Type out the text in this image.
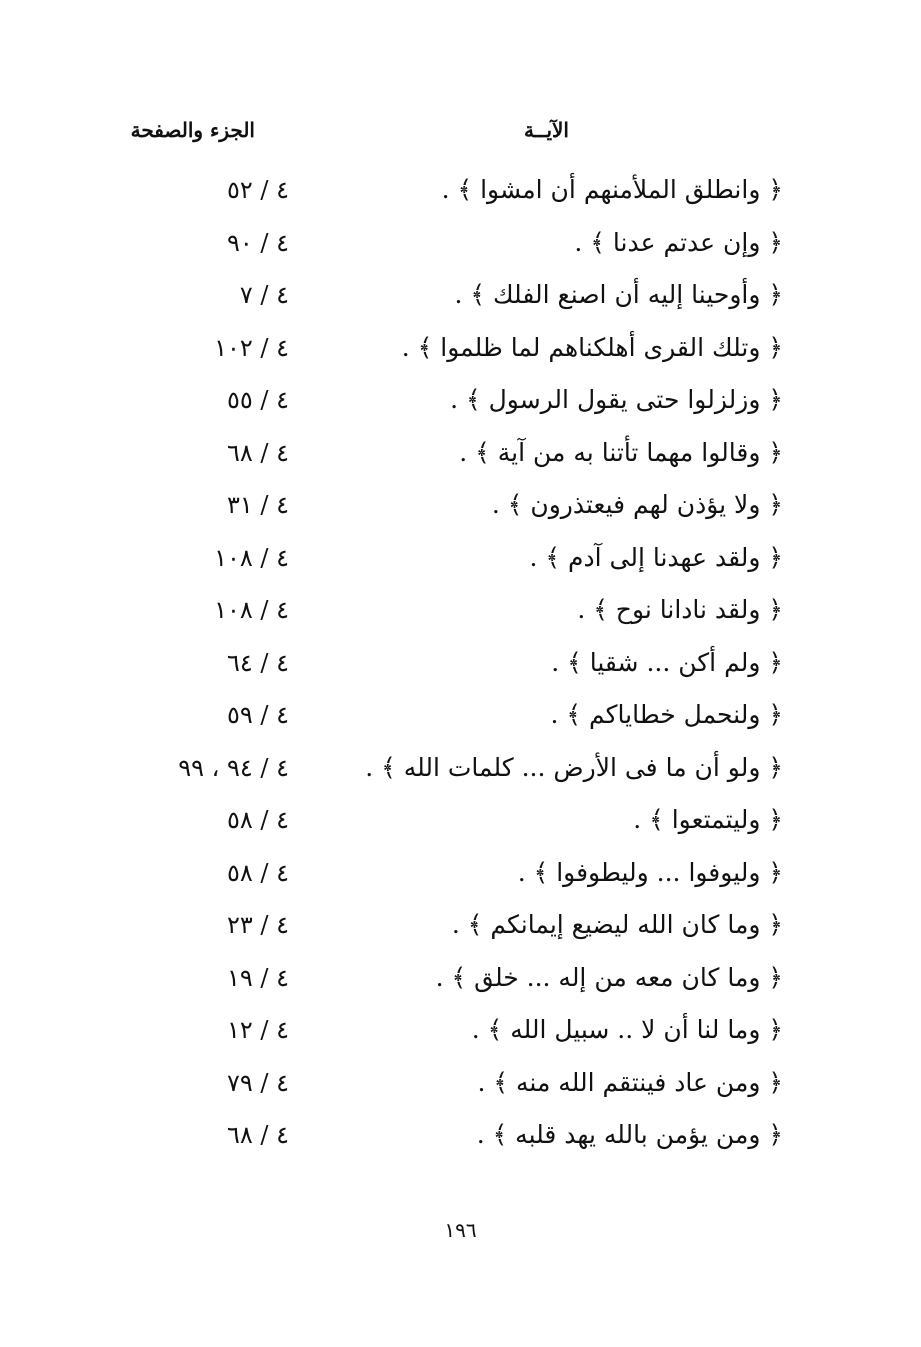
الآيــة
الجزء والصفحة
﴿ وانطلق الملأمنهم أن امشوا ﴾ .
٤ / ٥٢
﴿ وإن عدتم عدنا ﴾ .
٤ / ٩٠
﴿ وأوحينا إليه أن اصنع الفلك ﴾ .
٤ / ٧
﴿ وتلك القرى أهلكناهم لما ظلموا ﴾ .
٤ / ١٠٢
﴿ وزلزلوا حتى يقول الرسول ﴾ .
٤ / ٥٥
﴿ وقالوا مهما تأتنا به من آية ﴾ .
٤ / ٦٨
﴿ ولا يؤذن لهم فيعتذرون ﴾ .
٤ / ٣١
﴿ ولقد عهدنا إلى آدم ﴾ .
٤ / ١٠٨
﴿ ولقد نادانا نوح ﴾ .
٤ / ١٠٨
﴿ ولم أكن ... شقيا ﴾ .
٤ / ٦٤
﴿ ولنحمل خطاياكم ﴾ .
٤ / ٥٩
﴿ ولو أن ما فى الأرض ... كلمات الله ﴾ .
٤ / ٩٤ ، ٩٩
﴿ وليتمتعوا ﴾ .
٤ / ٥٨
﴿ وليوفوا ... وليطوفوا ﴾ .
٤ / ٥٨
﴿ وما كان الله ليضيع إيمانكم ﴾ .
٤ / ٢٣
﴿ وما كان معه من إله ... خلق ﴾ .
٤ / ١٩
﴿ وما لنا أن لا .. سبيل الله ﴾ .
٤ / ١٢
﴿ ومن عاد فينتقم الله منه ﴾ .
٤ / ٧٩
﴿ ومن يؤمن بالله يهد قلبه ﴾ .
٤ / ٦٨
١٩٦
